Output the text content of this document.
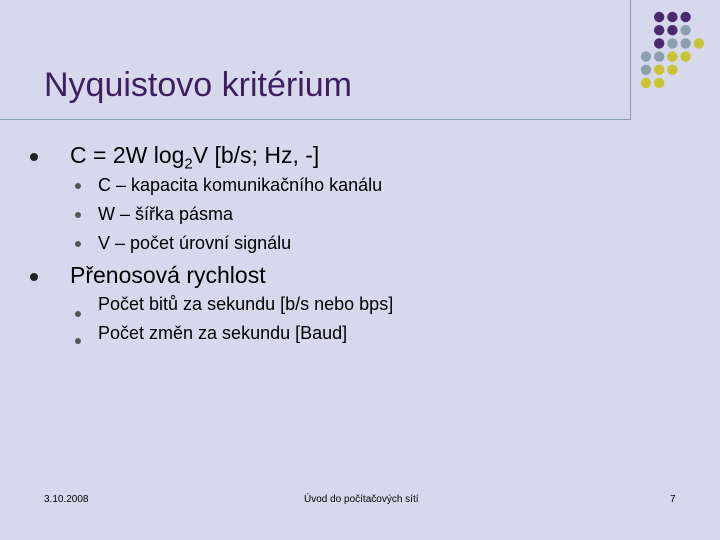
Nyquistovo kritérium
C = 2W $\log_2V$ [b/s; Hz, -]
C – kapacita komunikačního kanálu
W – šířka pásma
V – počet úrovní signálu
Přenosová rychlost
Počet bitů za sekundu [b/s nebo bps]
Počet změn za sekundu [Baud]
3.10.2008	Úvod do počítačových sítí	7
